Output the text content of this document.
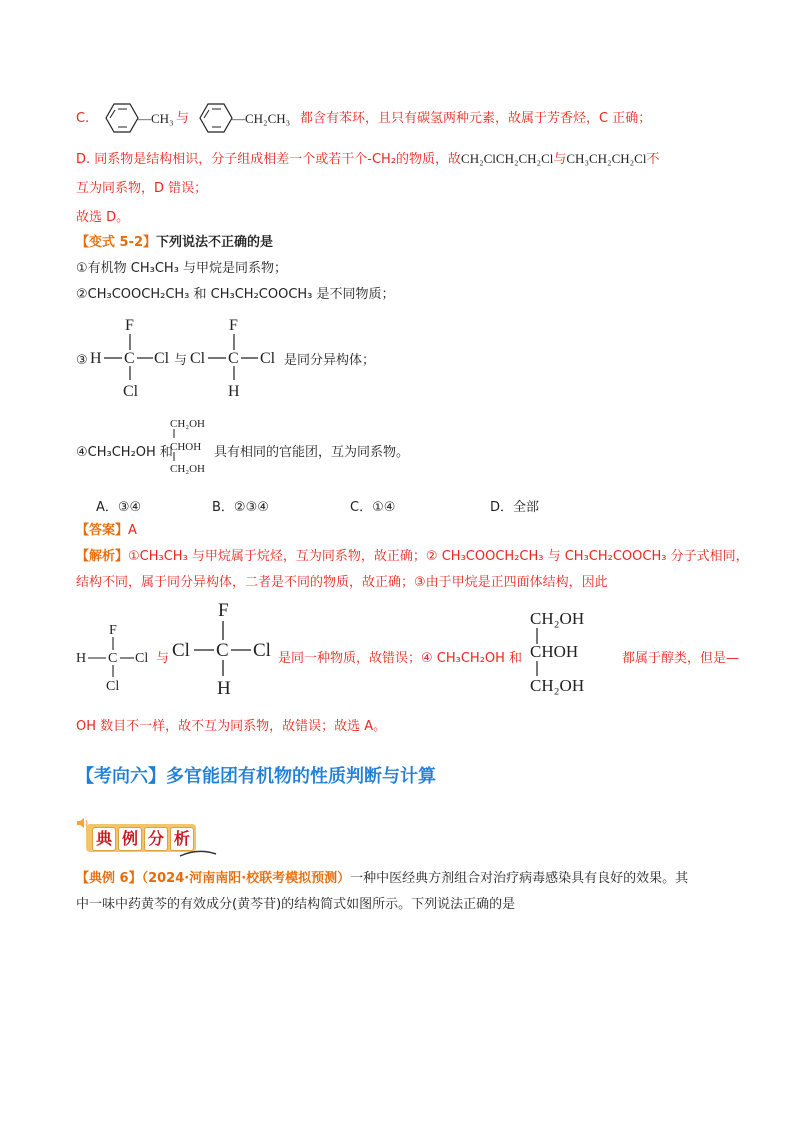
C.	—CH₃ 与	—CH₂CH₃ 都含有苯环，且只有碳氢两种元素，故属于芳香烃，C 正确；
D. 同系物是结构相识，分子组成相差一个或若干个-CH₂的物质，故CH₂ClCH₂CH₂Cl与CH₃CH₂CH₂Cl不
互为同系物，D 错误；
故选 D。
【变式 5-2】下列说法不正确的是
①有机物 CH₃CH₃ 与甲烷是同系物；
②CH₃COOCH₂CH₃ 和 CH₃CH₂COOCH₃ 是不同物质；
③
F
H C Cl
Cl
与
F
Cl C Cl
H
是同分异构体；
④CH₃CH₂OH 和
CH₂OH
CHOH
CH₂OH
具有相同的官能团，互为同系物。
A．③④	B．②③④	C．①④	D．全部
【答案】A
【解析】①CH₃CH₃ 与甲烷属于烷烃，互为同系物，故正确；② CH₃COOCH₂CH₃ 与 CH₃CH₂COOCH₃ 分子式相同，
结构不同，属于同分异构体，二者是不同的物质，故正确；③由于甲烷是正四面体结构，因此
F
H C Cl
Cl
与
F
Cl C Cl
H
是同一种物质，故错误；④ CH₃CH₂OH 和
CH₂OH
CHOH
CH₂OH
都属于醇类，但是—
OH 数目不一样，故不互为同系物，故错误；故选 A。
【考向六】多官能团有机物的性质判断与计算
典 例 分 析
【典例 6】（2024·河南南阳·校联考模拟预测）一种中医经典方剂组合对治疗病毒感染具有良好的效果。其
中一味中药黄芩的有效成分(黄芩苷)的结构简式如图所示。下列说法正确的是
